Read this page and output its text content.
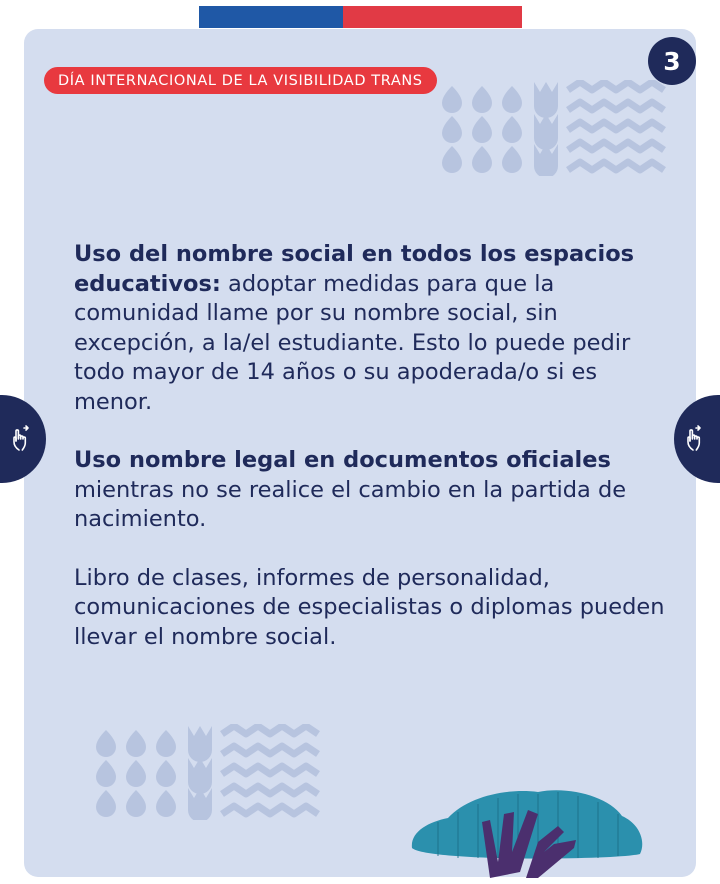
DÍA INTERNACIONAL DE LA VISIBILIDAD TRANS
3

Uso del nombre social en todos los espacios educativos: adoptar medidas para que la comunidad llame por su nombre social, sin excepción, a la/el estudiante. Esto lo puede pedir todo mayor de 14 años o su apoderada/o si es menor.

Uso nombre legal en documentos oficiales mientras no se realice el cambio en la partida de nacimiento.

Libro de clases, informes de personalidad, comunicaciones de especialistas o diplomas pueden llevar el nombre social.
